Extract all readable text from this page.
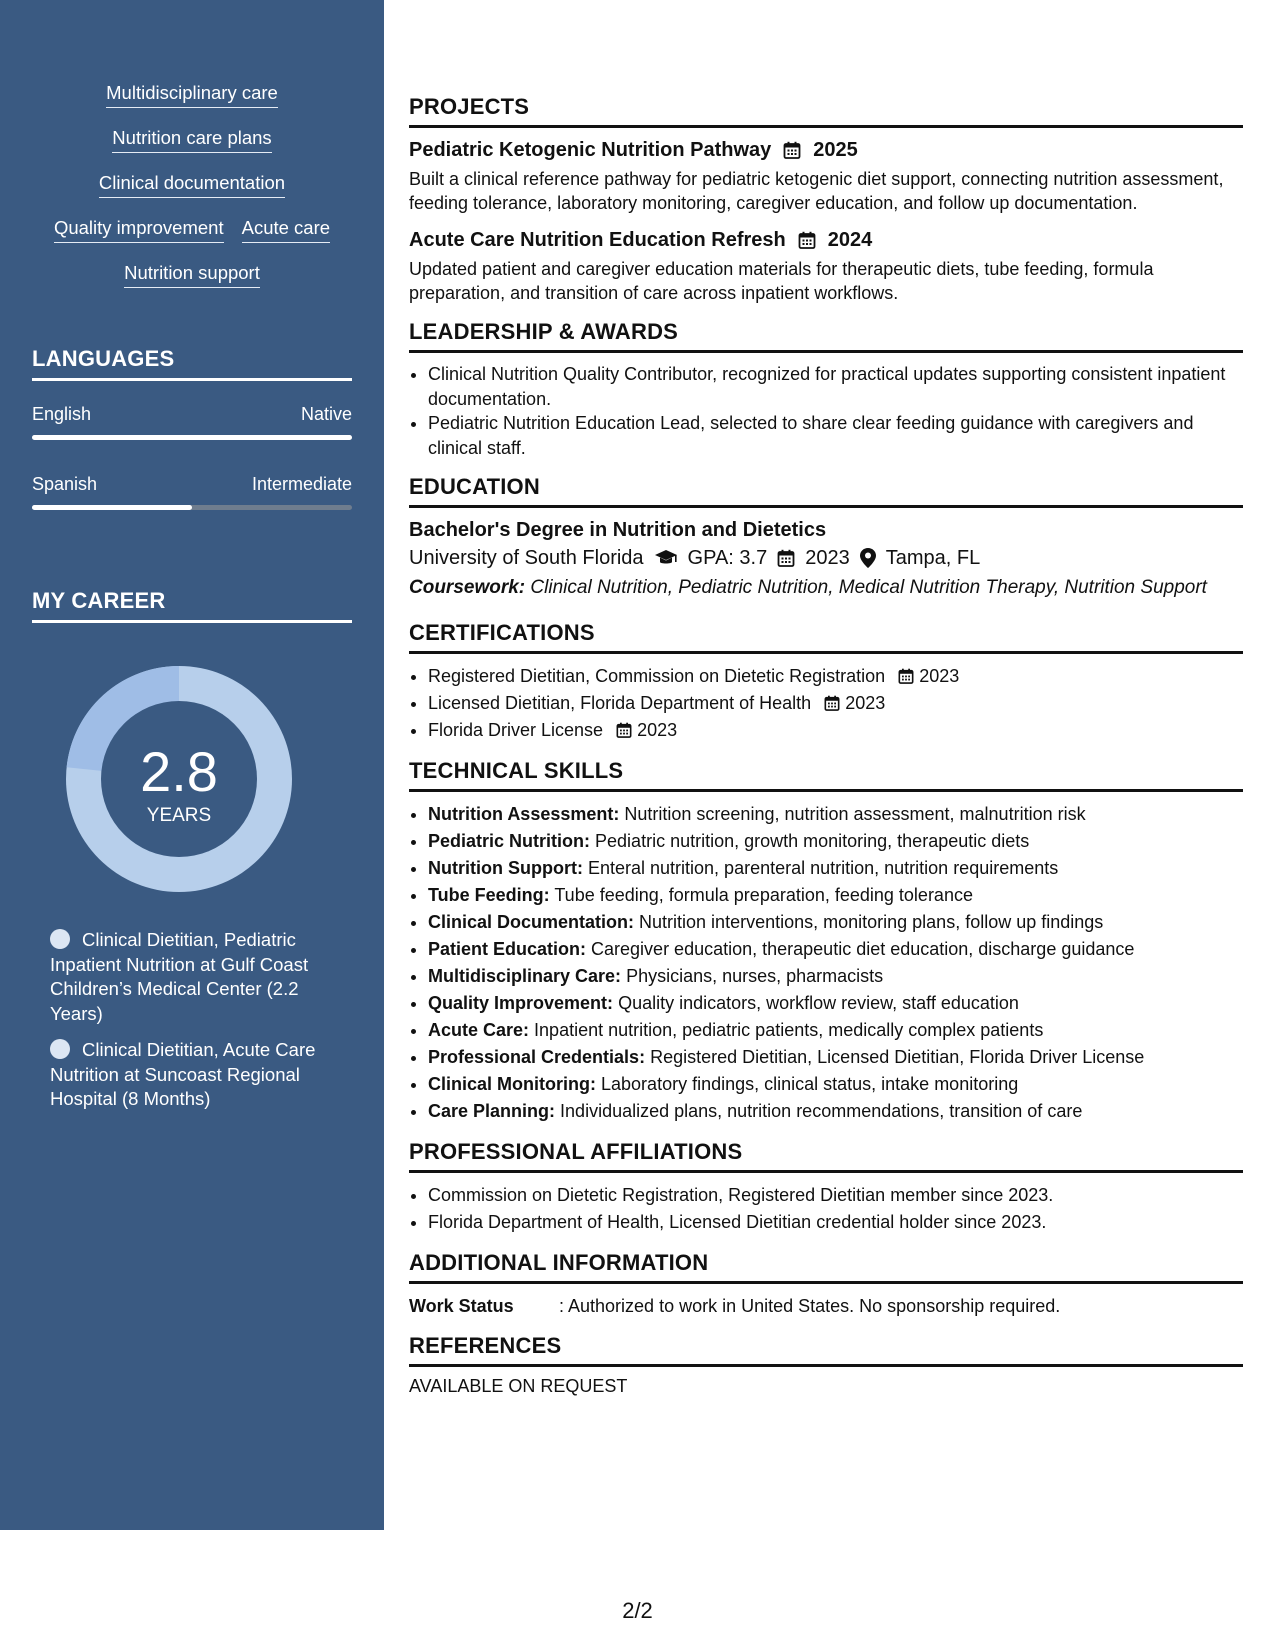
Multidisciplinary care
Nutrition care plans
Clinical documentation
Quality improvement Acute care
Nutrition support
LANGUAGES
English	Native
Spanish	Intermediate
MY CAREER
2.8
YEARS
Clinical Dietitian, Pediatric Inpatient Nutrition at Gulf Coast Children’s Medical Center (2.2 Years)
Clinical Dietitian, Acute Care Nutrition at Suncoast Regional Hospital (8 Months)
PROJECTS
Pediatric Ketogenic Nutrition Pathway 2025
Built a clinical reference pathway for pediatric ketogenic diet support, connecting nutrition assessment, feeding tolerance, laboratory monitoring, caregiver education, and follow up documentation.
Acute Care Nutrition Education Refresh 2024
Updated patient and caregiver education materials for therapeutic diets, tube feeding, formula preparation, and transition of care across inpatient workflows.
LEADERSHIP & AWARDS
• Clinical Nutrition Quality Contributor, recognized for practical updates supporting consistent inpatient documentation.
• Pediatric Nutrition Education Lead, selected to share clear feeding guidance with caregivers and clinical staff.
EDUCATION
Bachelor's Degree in Nutrition and Dietetics
University of South Florida GPA: 3.7 2023 Tampa, FL
Coursework: Clinical Nutrition, Pediatric Nutrition, Medical Nutrition Therapy, Nutrition Support
CERTIFICATIONS
• Registered Dietitian, Commission on Dietetic Registration 2023
• Licensed Dietitian, Florida Department of Health 2023
• Florida Driver License 2023
TECHNICAL SKILLS
• Nutrition Assessment: Nutrition screening, nutrition assessment, malnutrition risk
• Pediatric Nutrition: Pediatric nutrition, growth monitoring, therapeutic diets
• Nutrition Support: Enteral nutrition, parenteral nutrition, nutrition requirements
• Tube Feeding: Tube feeding, formula preparation, feeding tolerance
• Clinical Documentation: Nutrition interventions, monitoring plans, follow up findings
• Patient Education: Caregiver education, therapeutic diet education, discharge guidance
• Multidisciplinary Care: Physicians, nurses, pharmacists
• Quality Improvement: Quality indicators, workflow review, staff education
• Acute Care: Inpatient nutrition, pediatric patients, medically complex patients
• Professional Credentials: Registered Dietitian, Licensed Dietitian, Florida Driver License
• Clinical Monitoring: Laboratory findings, clinical status, intake monitoring
• Care Planning: Individualized plans, nutrition recommendations, transition of care
PROFESSIONAL AFFILIATIONS
• Commission on Dietetic Registration, Registered Dietitian member since 2023.
• Florida Department of Health, Licensed Dietitian credential holder since 2023.
ADDITIONAL INFORMATION
Work Status	: Authorized to work in United States. No sponsorship required.
REFERENCES
AVAILABLE ON REQUEST
2/2
